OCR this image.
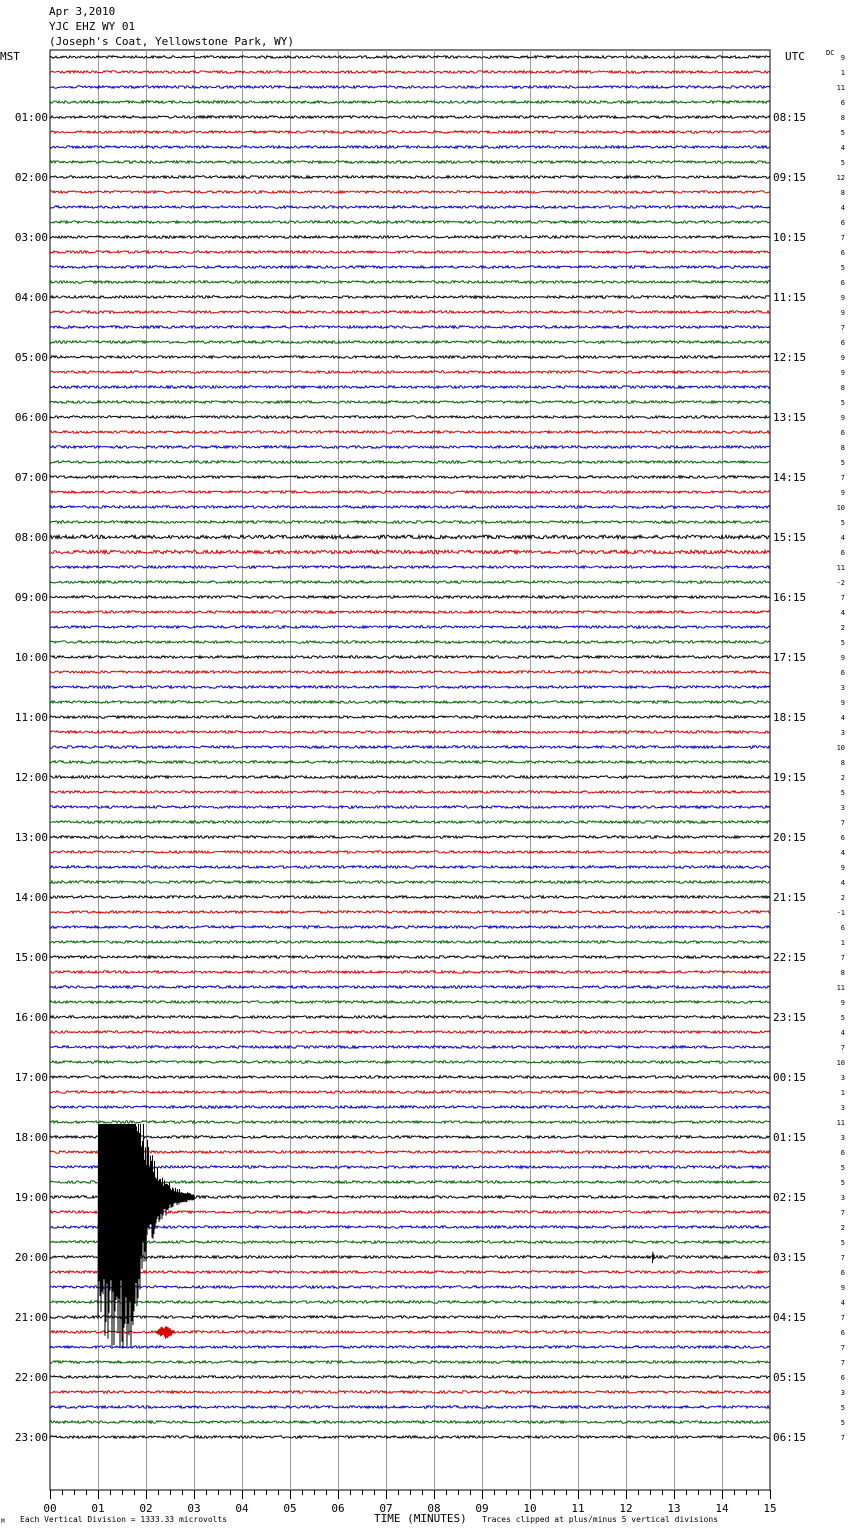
Apr 3,2010
YJC EHZ WY 01
(Joseph's Coat, Yellowstone Park, WY)
01:00
02:00
03:00
04:00
05:00
06:00
07:00
08:00
09:00
10:00
11:00
12:00
13:00
14:00
15:00
16:00
17:00
18:00
19:00
20:00
21:00
22:00
23:00
08:15
09:15
10:15
11:15
12:15
13:15
14:15
15:15
16:15
17:15
18:15
19:15
20:15
21:15
22:15
23:15
00:15
01:15
02:15
03:15
04:15
05:15
06:15
9
1
11
6
8
5
4
5
12
8
4
6
7
6
5
6
9
9
7
6
9
9
8
5
9
6
8
5
7
9
10
5
4
6
11
-2
7
4
2
5
9
6
3
9
4
3
10
8
2
5
3
7
6
4
9
4
2
-1
6
1
7
8
11
9
5
4
7
10
3
1
3
11
3
6
5
5
3
7
2
5
7
6
9
4
7
6
7
7
6
3
5
5
7
00	01	02	03	04	05	06	07	08	09	10	11	12	13	14	15
MST	UTC	DC
M Each Vertical Division = 1333.33 microvolts	TIME (MINUTES) Traces clipped at plus/minus 5 vertical divisions
